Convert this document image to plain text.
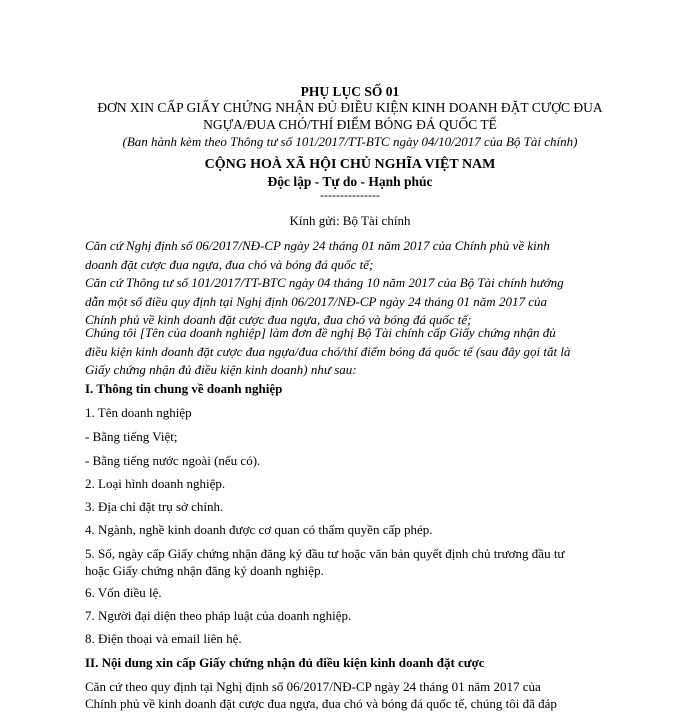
PHỤ LỤC SỐ 01
ĐƠN XIN CẤP GIẤY CHỨNG NHẬN ĐỦ ĐIỀU KIỆN KINH DOANH ĐẶT CƯỢC ĐUA
NGỰA/ĐUA CHÓ/THÍ ĐIỂM BÓNG ĐÁ QUỐC TẾ
(Ban hành kèm theo Thông tư số 101/2017/TT-BTC ngày 04/10/2017 của Bộ Tài chính)
CỘNG HOÀ XÃ HỘI CHỦ NGHĨA VIỆT NAM
Độc lập - Tự do - Hạnh phúc
---------------
Kính gửi: Bộ Tài chính
Căn cứ Nghị định số 06/2017/NĐ-CP ngày 24 tháng 01 năm 2017 của Chính phủ về kinh
doanh đặt cược đua ngựa, đua chó và bóng đá quốc tế;
Căn cứ Thông tư số 101/2017/TT-BTC ngày 04 tháng 10 năm 2017 của Bộ Tài chính hướng
dẫn một số điều quy định tại Nghị định 06/2017/NĐ-CP ngày 24 tháng 01 năm 2017 của
Chính phủ về kinh doanh đặt cược đua ngựa, đua chó và bóng đá quốc tế;
Chúng tôi [Tên của doanh nghiệp] làm đơn đề nghị Bộ Tài chính cấp Giấy chứng nhận đủ
điều kiện kinh doanh đặt cược đua ngựa/đua chó/thí điểm bóng đá quốc tế (sau đây gọi tắt là
Giấy chứng nhận đủ điều kiện kinh doanh) như sau:
I. Thông tin chung về doanh nghiệp
1. Tên doanh nghiệp
- Bằng tiếng Việt;
- Bằng tiếng nước ngoài (nếu có).
2. Loại hình doanh nghiệp.
3. Địa chỉ đặt trụ sở chính.
4. Ngành, nghề kinh doanh được cơ quan có thẩm quyền cấp phép.
5. Số, ngày cấp Giấy chứng nhận đăng ký đầu tư hoặc văn bản quyết định chủ trương đầu tư
hoặc Giấy chứng nhận đăng ký doanh nghiệp.
6. Vốn điều lệ.
7. Người đại diện theo pháp luật của doanh nghiệp.
8. Điện thoại và email liên hệ.
II. Nội dung xin cấp Giấy chứng nhận đủ điều kiện kinh doanh đặt cược
Căn cứ theo quy định tại Nghị định số 06/2017/NĐ-CP ngày 24 tháng 01 năm 2017 của
Chính phủ về kinh doanh đặt cược đua ngựa, đua chó và bóng đá quốc tế, chúng tôi đã đáp
